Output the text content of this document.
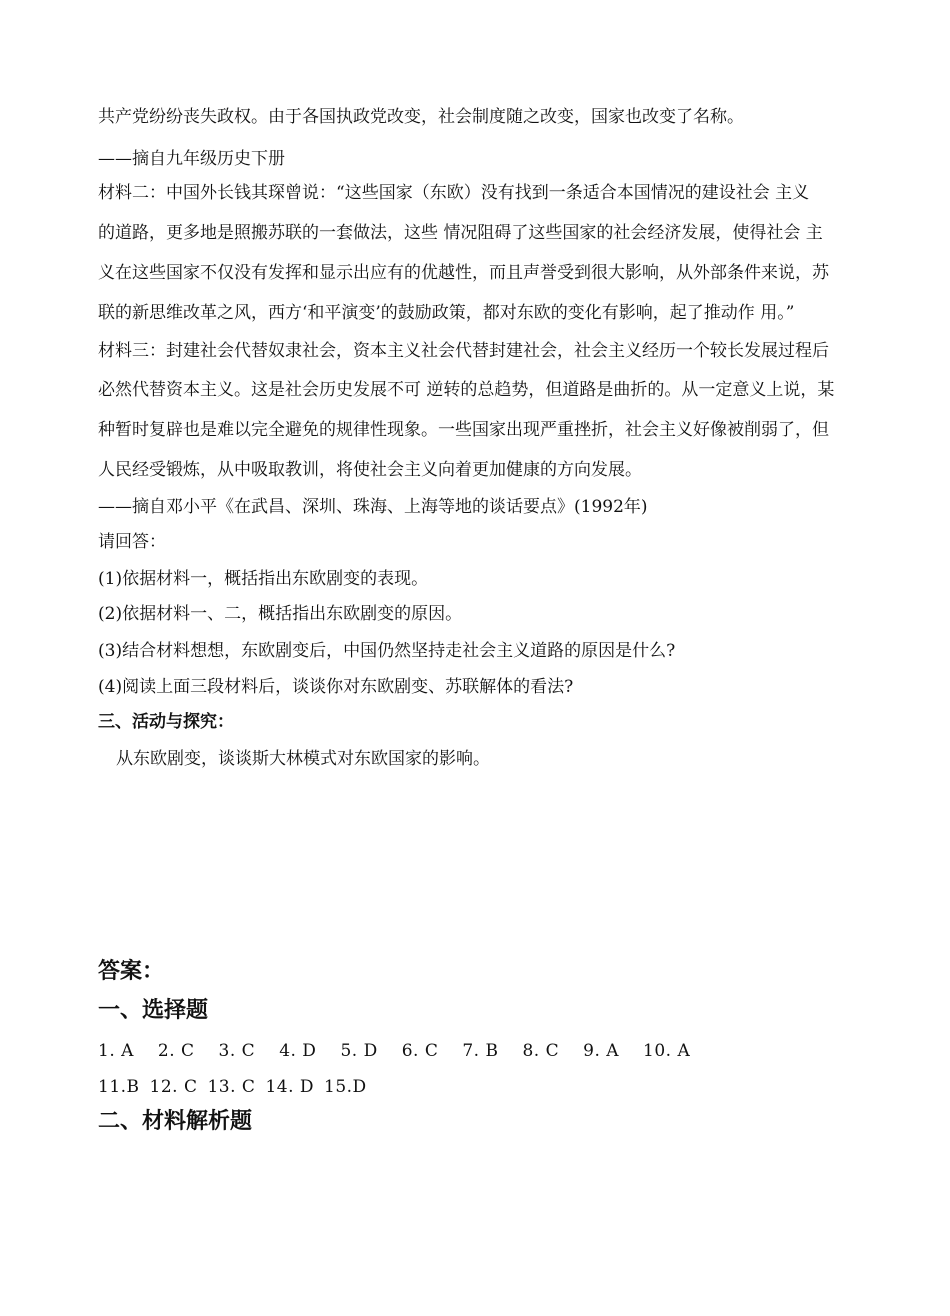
共产党纷纷丧失政权。由于各国执政党改变，社会制度随之改变，国家也改变了名称。
——摘自九年级历史下册
材料二：中国外长钱其琛曾说：“这些国家（东欧）没有找到一条适合本国情况的建设社会 主义
的道路，更多地是照搬苏联的一套做法，这些 情况阻碍了这些国家的社会经济发展，使得社会 主
义在这些国家不仅没有发挥和显示出应有的优越性，而且声誉受到很大影响，从外部条件来说，苏
联的新思维改革之风，西方‘和平演变’的鼓励政策，都对东欧的变化有影响，起了推动作 用。”
材料三：封建社会代替奴隶社会，资本主义社会代替封建社会，社会主义经历一个较长发展过程后
必然代替资本主义。这是社会历史发展不可 逆转的总趋势，但道路是曲折的。从一定意义上说，某
种暂时复辟也是难以完全避免的规律性现象。一些国家出现严重挫折，社会主义好像被削弱了，但
人民经受锻炼，从中吸取教训，将使社会主义向着更加健康的方向发展。
——摘自邓小平《在武昌、深圳、珠海、上海等地的谈话要点》(1992年)
请回答：
(1)依据材料一，概括指出东欧剧变的表现。
(2)依据材料一、二，概括指出东欧剧变的原因。
(3)结合材料想想，东欧剧变后，中国仍然坚持走社会主义道路的原因是什么?
(4)阅读上面三段材料后，谈谈你对东欧剧变、苏联解体的看法?
三、活动与探究：
从东欧剧变，谈谈斯大林模式对东欧国家的影响。
答案：
一、选择题
1. A 2. C 3. C 4. D 5. D 6. C 7. B 8. C 9. A 10. A
11.B 12. C 13. C 14. D 15.D
二、材料解析题
